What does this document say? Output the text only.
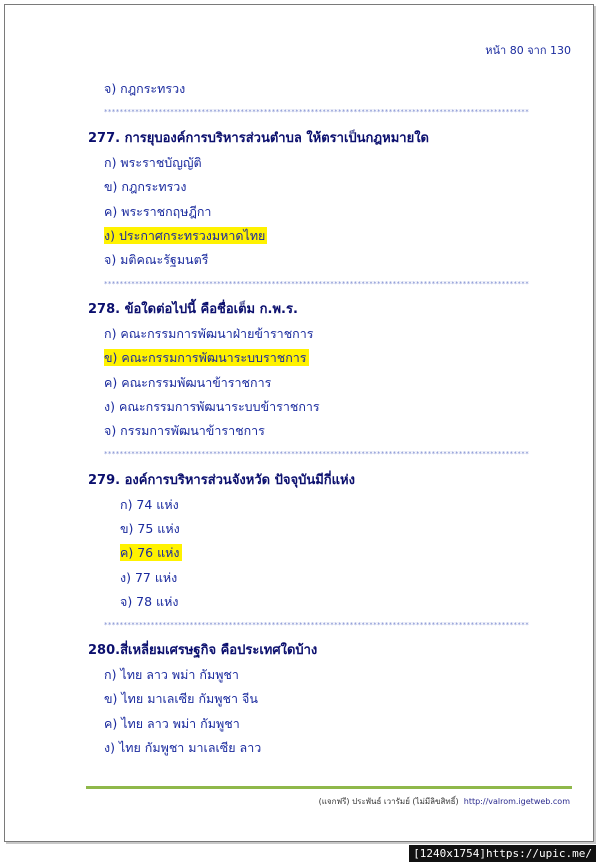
หน้า 80 จาก 130
จ) กฎกระทรวง
*************************************************************************************************************
277. การยุบองค์การบริหารส่วนตำบล ให้ตราเป็นกฎหมายใด
ก) พระราชบัญญัติ
ข) กฎกระทรวง
ค) พระราชกฤษฎีกา
ง) ประกาศกระทรวงมหาดไทย
จ) มติคณะรัฐมนตรี
*************************************************************************************************************
278. ข้อใดต่อไปนี้ คือชื่อเต็ม ก.พ.ร.
ก) คณะกรรมการพัฒนาฝ่ายข้าราชการ
ข) คณะกรรมการพัฒนาระบบราชการ
ค) คณะกรรมพัฒนาข้าราชการ
ง) คณะกรรมการพัฒนาระบบข้าราชการ
จ) กรรมการพัฒนาข้าราชการ
*************************************************************************************************************
279. องค์การบริหารส่วนจังหวัด ปัจจุบันมีกี่แห่ง
ก) 74 แห่ง
ข) 75 แห่ง
ค) 76 แห่ง
ง) 77 แห่ง
จ) 78 แห่ง
*************************************************************************************************************
280.สี่เหลี่ยมเศรษฐกิจ คือประเทศใดบ้าง
ก) ไทย ลาว พม่า กัมพูชา
ข) ไทย มาเลเซีย กัมพูชา จีน
ค) ไทย ลาว พม่า กัมพูชา
ง) ไทย กัมพูชา มาเลเซีย ลาว
(แจกฟรี) ประพันธ์ เวารัมย์ (ไม่มีลิขสิทธิ์) http://valrom.igetweb.com
[1240x1754]https://upic.me/
